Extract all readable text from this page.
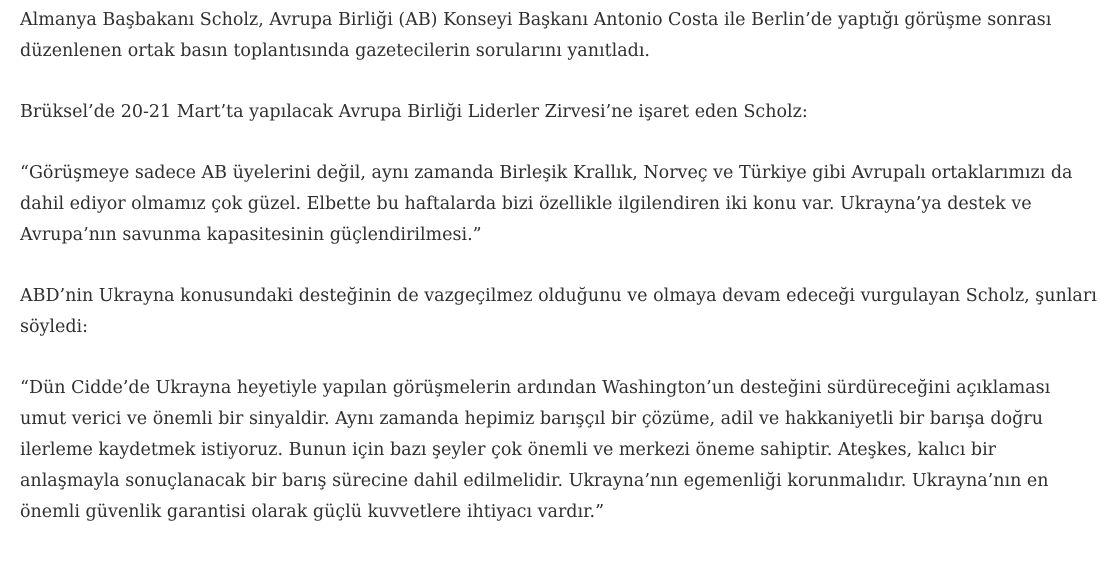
Almanya Başbakanı Scholz, Avrupa Birliği (AB) Konseyi Başkanı Antonio Costa ile Berlin’de yaptığı görüşme sonrası düzenlenen ortak basın toplantısında gazetecilerin sorularını yanıtladı.

Brüksel’de 20-21 Mart’ta yapılacak Avrupa Birliği Liderler Zirvesi’ne işaret eden Scholz:

“Görüşmeye sadece AB üyelerini değil, aynı zamanda Birleşik Krallık, Norveç ve Türkiye gibi Avrupalı ortaklarımızı da dahil ediyor olmamız çok güzel. Elbette bu haftalarda bizi özellikle ilgilendiren iki konu var. Ukrayna’ya destek ve Avrupa’nın savunma kapasitesinin güçlendirilmesi.”

ABD’nin Ukrayna konusundaki desteğinin de vazgeçilmez olduğunu ve olmaya devam edeceği vurgulayan Scholz, şunları söyledi:

“Dün Cidde’de Ukrayna heyetiyle yapılan görüşmelerin ardından Washington’un desteğini sürdüreceğini açıklaması umut verici ve önemli bir sinyaldir. Aynı zamanda hepimiz barışçıl bir çözüme, adil ve hakkaniyetli bir barışa doğru ilerleme kaydetmek istiyoruz. Bunun için bazı şeyler çok önemli ve merkezi öneme sahiptir. Ateşkes, kalıcı bir anlaşmayla sonuçlanacak bir barış sürecine dahil edilmelidir. Ukrayna’nın egemenliği korunmalıdır. Ukrayna’nın en önemli güvenlik garantisi olarak güçlü kuvvetlere ihtiyacı vardır.”
